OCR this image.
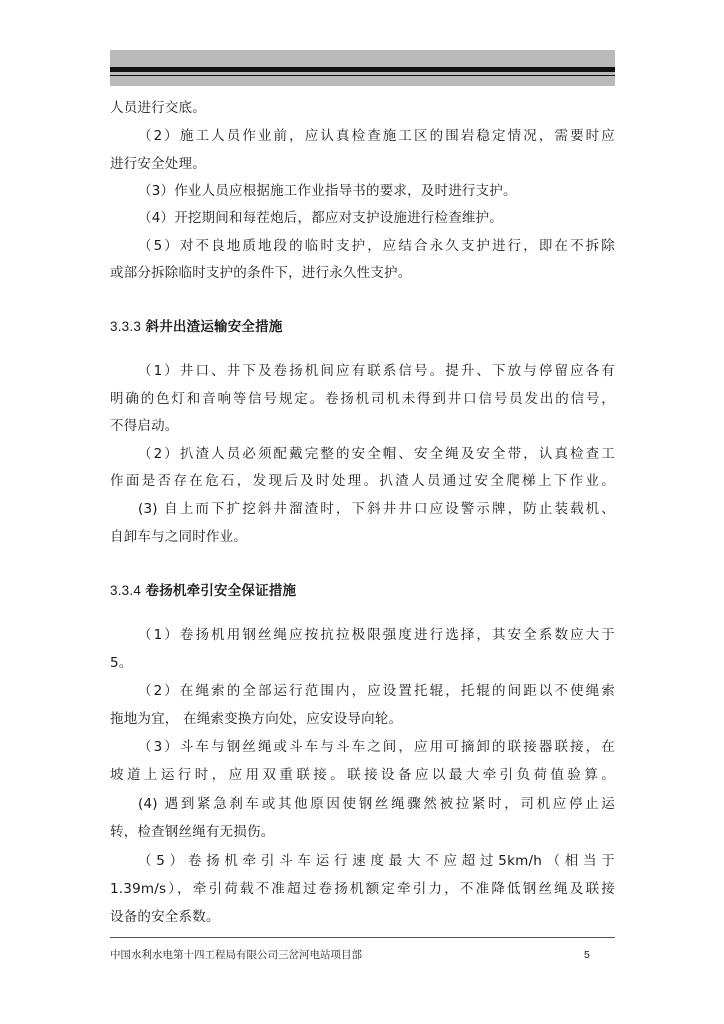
人员进行交底。
（2）施工人员作业前，应认真检查施工区的围岩稳定情况，需要时应
进行安全处理。
（3）作业人员应根据施工作业指导书的要求，及时进行支护。
（4）开挖期间和每茬炮后，都应对支护设施进行检查维护。
（5）对不良地质地段的临时支护，应结合永久支护进行，即在不拆除
或部分拆除临时支护的条件下，进行永久性支护。
3.3.3 斜井出渣运输安全措施
（1）井口、井下及卷扬机间应有联系信号。提升、下放与停留应各有
明确的色灯和音响等信号规定。卷扬机司机未得到井口信号员发出的信号，
不得启动。
（2）扒渣人员必须配戴完整的安全帽、安全绳及安全带，认真检查工
作面是否存在危石，发现后及时处理。扒渣人员通过安全爬梯上下作业。
(3) 自上而下扩挖斜井溜渣时，下斜井井口应设警示牌，防止装载机、
自卸车与之同时作业。
3.3.4 卷扬机牵引安全保证措施
（1）卷扬机用钢丝绳应按抗拉极限强度进行选择，其安全系数应大于
5。
（2）在绳索的全部运行范围内，应设置托辊，托辊的间距以不使绳索
拖地为宜， 在绳索变换方向处，应安设导向轮。
（3）斗车与钢丝绳或斗车与斗车之间，应用可摘卸的联接器联接，在
坡道上运行时，应用双重联接。联接设备应以最大牵引负荷值验算。
(4) 遇到紧急刹车或其他原因使钢丝绳骤然被拉紧时，司机应停止运
转，检查钢丝绳有无损伤。
（5）卷扬机牵引斗车运行速度最大不应超过5km/h（相当于
1.39m/s），牵引荷载不准超过卷扬机额定牵引力，不准降低钢丝绳及联接
设备的安全系数。
中国水利水电第十四工程局有限公司三岔河电站项目部	5
